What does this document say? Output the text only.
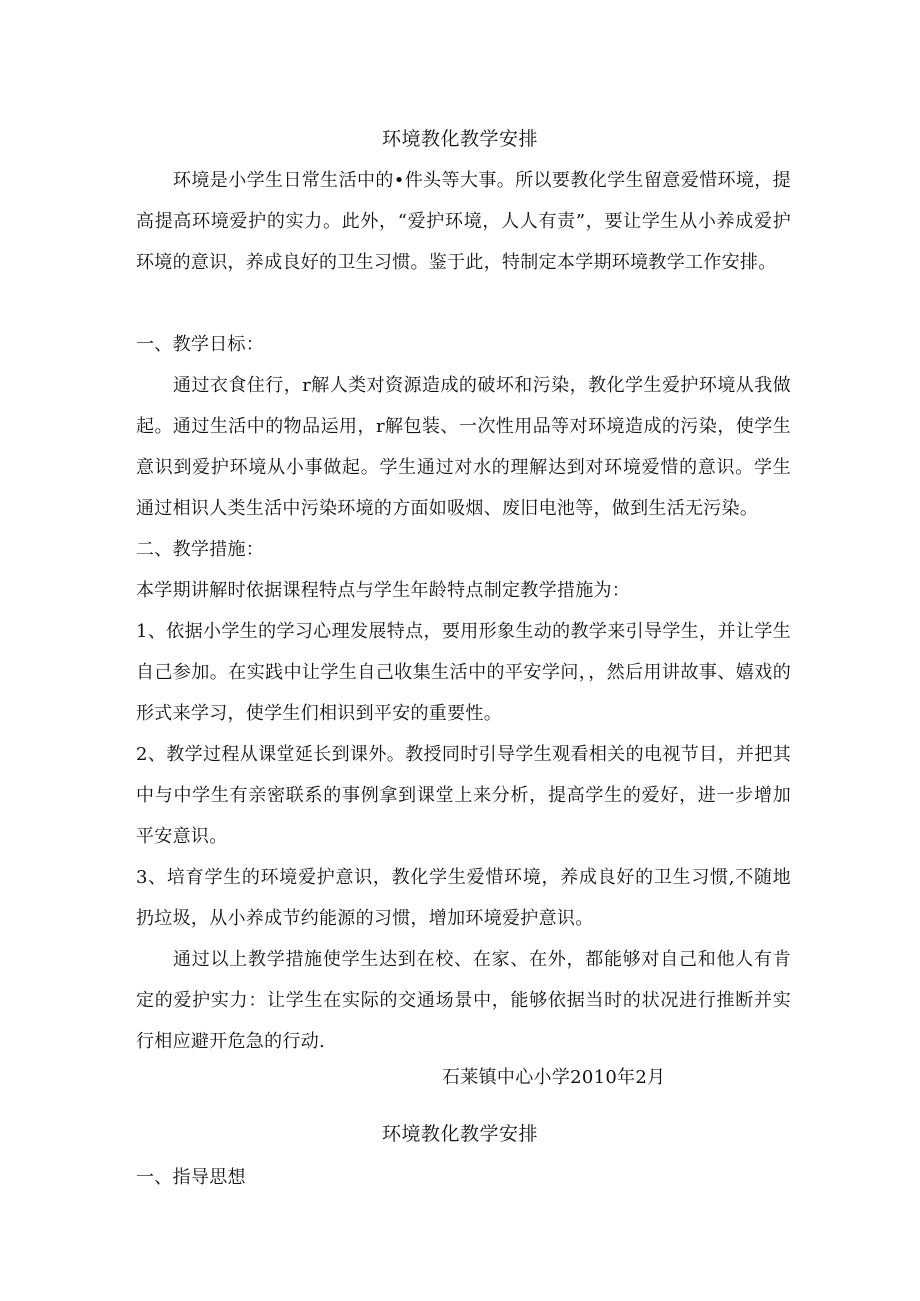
环境教化教学安排

环境是小学生日常生活中的•件头等大事。所以要教化学生留意爱惜环境，提高提高环境爱护的实力。此外，“爱护环境，人人有责”，要让学生从小养成爱护环境的意识，养成良好的卫生习惯。鉴于此，特制定本学期环境教学工作安排。

一、教学日标：

通过衣食住行，r解人类对资源造成的破坏和污染，教化学生爱护环境从我做起。通过生活中的物品运用，r解包装、一次性用品等对环境造成的污染，使学生意识到爱护环境从小事做起。学生通过对水的理解达到对环境爱惜的意识。学生通过相识人类生活中污染环境的方面如吸烟、废旧电池等，做到生活无污染。

二、教学措施：

本学期讲解时依据课程特点与学生年龄特点制定教学措施为：

1、依据小学生的学习心理发展特点，要用形象生动的教学来引导学生，并让学生自己参加。在实践中让学生自己收集生活中的平安学问，，然后用讲故事、嬉戏的形式来学习，使学生们相识到平安的重要性。

2、教学过程从课堂延长到课外。教授同时引导学生观看相关的电视节目，并把其中与中学生有亲密联系的事例拿到课堂上来分析，提高学生的爱好，进一步增加平安意识。

3、培育学生的环境爱护意识，教化学生爱惜环境，养成良好的卫生习惯,不随地扔垃圾，从小养成节约能源的习惯，增加环境爱护意识。

通过以上教学措施使学生达到在校、在家、在外，都能够对自己和他人有肯定的爱护实力：让学生在实际的交通场景中，能够依据当时的状况进行推断并实行相应避开危急的行动.

石莱镇中心小学2010年2月

环境教化教学安排

一、指导思想
